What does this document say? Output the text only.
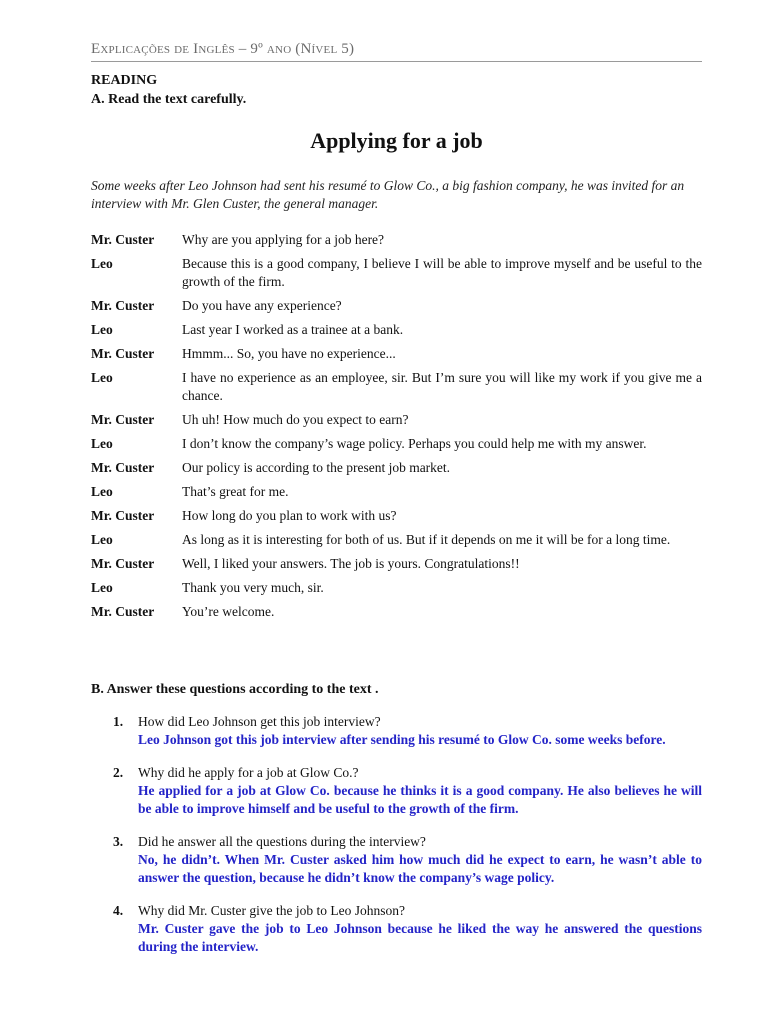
Explicações de Inglês – 9º ano (Nível 5)
READING
A. Read the text carefully.
Applying for a job
Some weeks after Leo Johnson had sent his resumé to Glow Co., a big fashion company, he was invited for an interview with Mr. Glen Custer, the general manager.
Mr. Custer	Why are you applying for a job here?
Leo	Because this is a good company, I believe I will be able to improve myself and be useful to the growth of the firm.
Mr. Custer	Do you have any experience?
Leo	Last year I worked as a trainee at a bank.
Mr. Custer	Hmmm... So, you have no experience...
Leo	I have no experience as an employee, sir. But I’m sure you will like my work if you give me a chance.
Mr. Custer	Uh uh! How much do you expect to earn?
Leo	I don’t know the company’s wage policy. Perhaps you could help me with my answer.
Mr. Custer	Our policy is according to the present job market.
Leo	That’s great for me.
Mr. Custer	How long do you plan to work with us?
Leo	As long as it is interesting for both of us. But if it depends on me it will be for a long time.
Mr. Custer	Well, I liked your answers. The job is yours. Congratulations!!
Leo	Thank you very much, sir.
Mr. Custer	You’re welcome.
B. Answer these questions according to the text .
1.	How did Leo Johnson get this job interview?
Leo Johnson got this job interview after sending his resumé to Glow Co. some weeks before.
2.	Why did he apply for a job at Glow Co.?
He applied for a job at Glow Co. because he thinks it is a good company. He also believes he will be able to improve himself and be useful to the growth of the firm.
3.	Did he answer all the questions during the interview?
No, he didn’t. When Mr. Custer asked him how much did he expect to earn, he wasn’t able to answer the question, because he didn’t know the company’s wage policy.
4.	Why did Mr. Custer give the job to Leo Johnson?
Mr. Custer gave the job to Leo Johnson because he liked the way he answered the questions during the interview.
